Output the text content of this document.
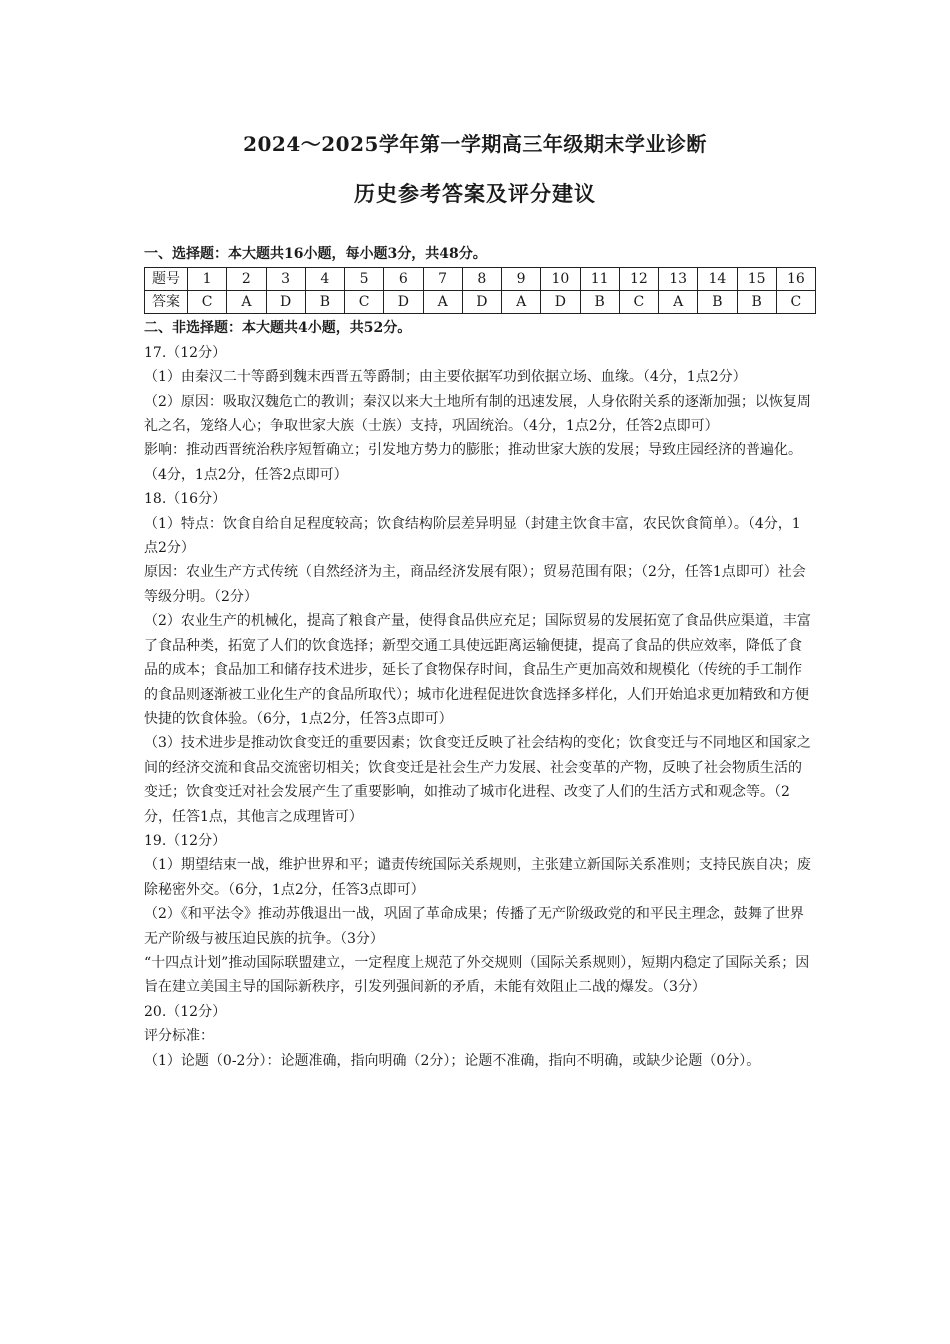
2024～2025学年第一学期高三年级期末学业诊断
历史参考答案及评分建议

一、选择题：本大题共16小题，每小题3分，共48分。

题号	1	2	3	4	5	6	7	8	9	10	11	12	13	14	15	16
答案	C	A	D	B	C	D	A	D	A	D	B	C	A	B	B	C

二、非选择题：本大题共4小题，共52分。

17.（12分）

（1）由秦汉二十等爵到魏末西晋五等爵制；由主要依据军功到依据立场、血缘。（4分，1点2分）

（2）原因：吸取汉魏危亡的教训；秦汉以来大土地所有制的迅速发展，人身依附关系的逐渐加强；以恢复周礼之名，笼络人心；争取世家大族（士族）支持，巩固统治。（4分，1点2分，任答2点即可）

影响：推动西晋统治秩序短暂确立；引发地方势力的膨胀；推动世家大族的发展；导致庄园经济的普遍化。（4分，1点2分，任答2点即可）

18.（16分）

（1）特点：饮食自给自足程度较高；饮食结构阶层差异明显（封建主饮食丰富，农民饮食简单）。（4分，1点2分）

原因：农业生产方式传统（自然经济为主，商品经济发展有限）；贸易范围有限；（2分，任答1点即可）社会等级分明。（2分）

（2）农业生产的机械化，提高了粮食产量，使得食品供应充足；国际贸易的发展拓宽了食品供应渠道，丰富了食品种类，拓宽了人们的饮食选择；新型交通工具使远距离运输便捷，提高了食品的供应效率，降低了食品的成本；食品加工和储存技术进步，延长了食物保存时间，食品生产更加高效和规模化（传统的手工制作的食品则逐渐被工业化生产的食品所取代）；城市化进程促进饮食选择多样化，人们开始追求更加精致和方便快捷的饮食体验。（6分，1点2分，任答3点即可）

（3）技术进步是推动饮食变迁的重要因素；饮食变迁反映了社会结构的变化；饮食变迁与不同地区和国家之间的经济交流和食品交流密切相关；饮食变迁是社会生产力发展、社会变革的产物，反映了社会物质生活的变迁；饮食变迁对社会发展产生了重要影响，如推动了城市化进程、改变了人们的生活方式和观念等。（2分，任答1点，其他言之成理皆可）

19.（12分）

（1）期望结束一战，维护世界和平；谴责传统国际关系规则，主张建立新国际关系准则；支持民族自决；废除秘密外交。（6分，1点2分，任答3点即可）

（2）《和平法令》推动苏俄退出一战，巩固了革命成果；传播了无产阶级政党的和平民主理念，鼓舞了世界无产阶级与被压迫民族的抗争。（3分）

“十四点计划”推动国际联盟建立，一定程度上规范了外交规则（国际关系规则），短期内稳定了国际关系；因旨在建立美国主导的国际新秩序，引发列强间新的矛盾，未能有效阻止二战的爆发。（3分）

20.（12分）

评分标准：

（1）论题（0-2分）：论题准确，指向明确（2分）；论题不准确，指向不明确，或缺少论题（0分）。
